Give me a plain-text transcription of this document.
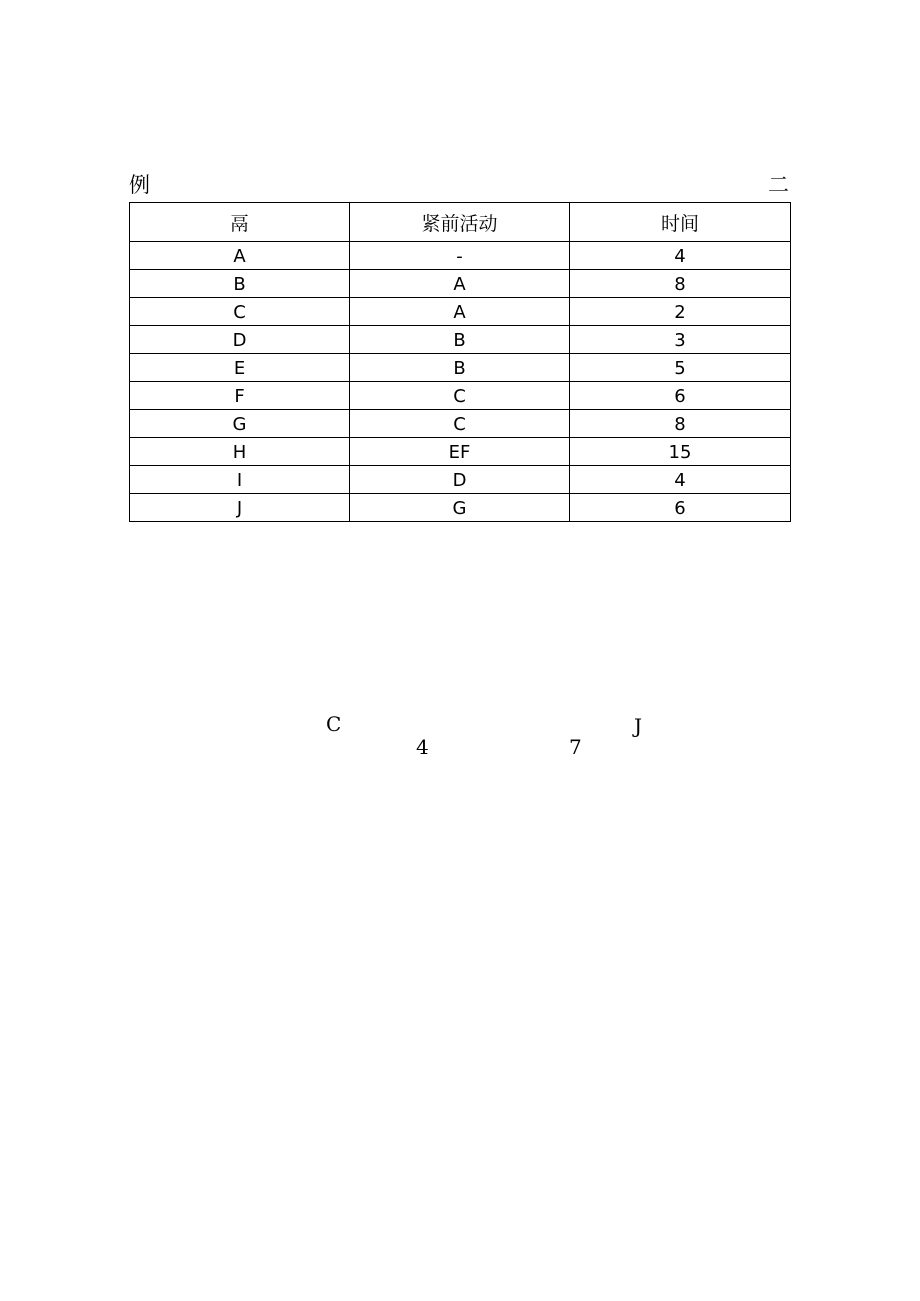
例	二
鬲	紧前活动	时间
A	-	4
B	A	8
C	A	2
D	B	3
E	B	5
F	C	6
G	C	8
H	EF	15
I	D	4
J	G	6
C
4	7
J
